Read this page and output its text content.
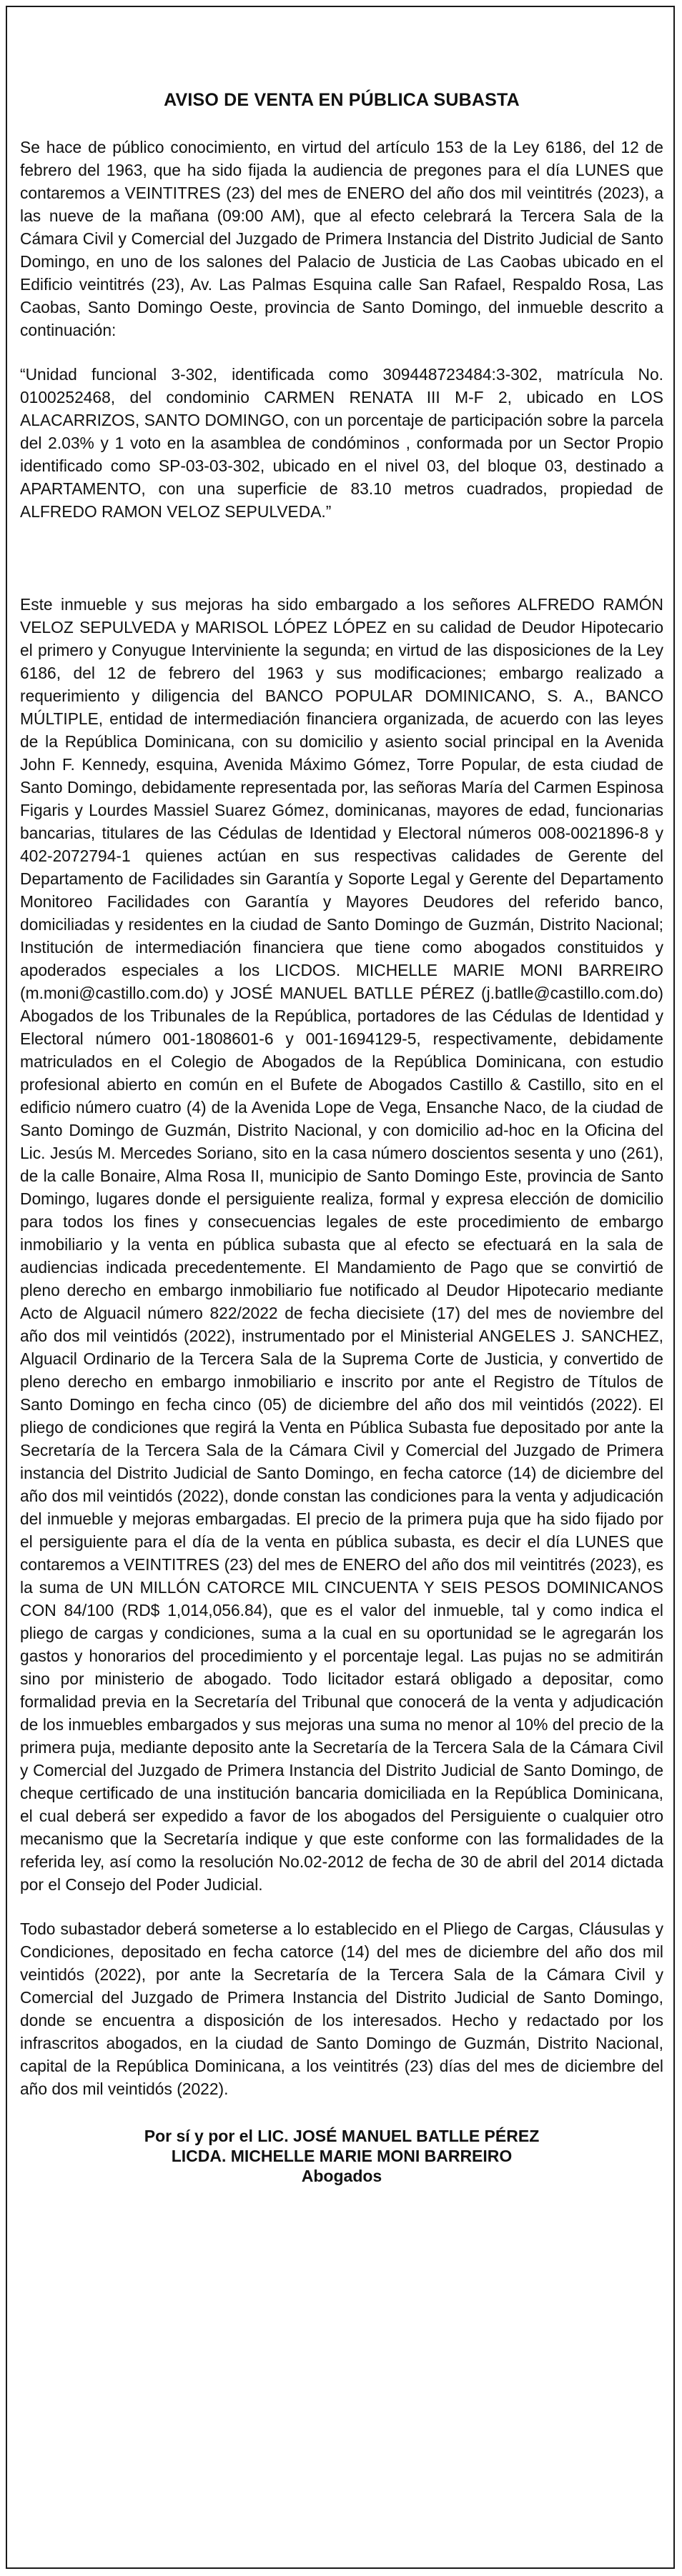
AVISO DE VENTA EN PÚBLICA SUBASTA
Se hace de público conocimiento, en virtud del artículo 153 de la Ley 6186, del 12 de febrero del 1963, que ha sido fijada la audiencia de pregones para el día LUNES que contaremos a VEINTITRES (23) del mes de ENERO del año dos mil veintitrés (2023), a las nueve de la mañana (09:00 AM), que al efecto celebrará la Tercera Sala de la Cámara Civil y Comercial del Juzgado de Primera Instancia del Distrito Judicial de Santo Domingo, en uno de los salones del Palacio de Justicia de Las Caobas ubicado en el Edificio veintitrés (23), Av. Las Palmas Esquina calle San Rafael, Respaldo Rosa, Las Caobas, Santo Domingo Oeste, provincia de Santo Domingo, del inmueble descrito a continuación:
“Unidad funcional 3-302, identificada como 309448723484:3-302, matrícula No. 0100252468, del condominio CARMEN RENATA III M-F 2, ubicado en LOS ALACARRIZOS, SANTO DOMINGO, con un porcentaje de participación sobre la parcela del 2.03% y 1 voto en la asamblea de condóminos , conformada por un Sector Propio identificado como SP-03-03-302, ubicado en el nivel 03, del bloque 03, destinado a APARTAMENTO, con una superficie de 83.10 metros cuadrados, propiedad de ALFREDO RAMON VELOZ SEPULVEDA.”
Este inmueble y sus mejoras ha sido embargado a los señores ALFREDO RAMÓN VELOZ SEPULVEDA y MARISOL LÓPEZ LÓPEZ en su calidad de Deudor Hipotecario el primero y Conyugue Interviniente la segunda; en virtud de las disposiciones de la Ley 6186, del 12 de febrero del 1963 y sus modificaciones; embargo realizado a requerimiento y diligencia del BANCO POPULAR DOMINICANO, S. A., BANCO MÚLTIPLE, entidad de intermediación financiera organizada, de acuerdo con las leyes de la República Dominicana, con su domicilio y asiento social principal en la Avenida John F. Kennedy, esquina, Avenida Máximo Gómez, Torre Popular, de esta ciudad de Santo Domingo, debidamente representada por, las señoras María del Carmen Espinosa Figaris y Lourdes Massiel Suarez Gómez, dominicanas, mayores de edad, funcionarias bancarias, titulares de las Cédulas de Identidad y Electoral números 008-0021896-8 y 402-2072794-1 quienes actúan en sus respectivas calidades de Gerente del Departamento de Facilidades sin Garantía y Soporte Legal y Gerente del Departamento Monitoreo Facilidades con Garantía y Mayores Deudores del referido banco, domiciliadas y residentes en la ciudad de Santo Domingo de Guzmán, Distrito Nacional; Institución de intermediación financiera que tiene como abogados constituidos y apoderados especiales a los LICDOS. MICHELLE MARIE MONI BARREIRO (m.moni@castillo.com.do) y JOSÉ MANUEL BATLLE PÉREZ (j.batlle@castillo.com.do) Abogados de los Tribunales de la República, portadores de las Cédulas de Identidad y Electoral número 001-1808601-6 y 001-1694129-5, respectivamente, debidamente matriculados en el Colegio de Abogados de la República Dominicana, con estudio profesional abierto en común en el Bufete de Abogados Castillo & Castillo, sito en el edificio número cuatro (4) de la Avenida Lope de Vega, Ensanche Naco, de la ciudad de Santo Domingo de Guzmán, Distrito Nacional, y con domicilio ad-hoc en la Oficina del Lic. Jesús M. Mercedes Soriano, sito en la casa número doscientos sesenta y uno (261), de la calle Bonaire, Alma Rosa II, municipio de Santo Domingo Este, provincia de Santo Domingo, lugares donde el persiguiente realiza, formal y expresa elección de domicilio para todos los fines y consecuencias legales de este procedimiento de embargo inmobiliario y la venta en pública subasta que al efecto se efectuará en la sala de audiencias indicada precedentemente. El Mandamiento de Pago que se convirtió de pleno derecho en embargo inmobiliario fue notificado al Deudor Hipotecario mediante Acto de Alguacil número 822/2022 de fecha diecisiete (17) del mes de noviembre del año dos mil veintidós (2022), instrumentado por el Ministerial ANGELES J. SANCHEZ, Alguacil Ordinario de la Tercera Sala de la Suprema Corte de Justicia, y convertido de pleno derecho en embargo inmobiliario e inscrito por ante el Registro de Títulos de Santo Domingo en fecha cinco (05) de diciembre del año dos mil veintidós (2022). El pliego de condiciones que regirá la Venta en Pública Subasta fue depositado por ante la Secretaría de la Tercera Sala de la Cámara Civil y Comercial del Juzgado de Primera instancia del Distrito Judicial de Santo Domingo, en fecha catorce (14) de diciembre del año dos mil veintidós (2022), donde constan las condiciones para la venta y adjudicación del inmueble y mejoras embargadas. El precio de la primera puja que ha sido fijado por el persiguiente para el día de la venta en pública subasta, es decir el día LUNES que contaremos a VEINTITRES (23) del mes de ENERO del año dos mil veintitrés (2023), es la suma de UN MILLÓN CATORCE MIL CINCUENTA Y SEIS PESOS DOMINICANOS CON 84/100 (RD$ 1,014,056.84), que es el valor del inmueble, tal y como indica el pliego de cargas y condiciones, suma a la cual en su oportunidad se le agregarán los gastos y honorarios del procedimiento y el porcentaje legal. Las pujas no se admitirán sino por ministerio de abogado. Todo licitador estará obligado a depositar, como formalidad previa en la Secretaría del Tribunal que conocerá de la venta y adjudicación de los inmuebles embargados y sus mejoras una suma no menor al 10% del precio de la primera puja, mediante deposito ante la Secretaría de la Tercera Sala de la Cámara Civil y Comercial del Juzgado de Primera Instancia del Distrito Judicial de Santo Domingo, de cheque certificado de una institución bancaria domiciliada en la República Dominicana, el cual deberá ser expedido a favor de los abogados del Persiguiente o cualquier otro mecanismo que la Secretaría indique y que este conforme con las formalidades de la referida ley, así como la resolución No.02-2012 de fecha de 30 de abril del 2014 dictada por el Consejo del Poder Judicial.
Todo subastador deberá someterse a lo establecido en el Pliego de Cargas, Cláusulas y Condiciones, depositado en fecha catorce (14) del mes de diciembre del año dos mil veintidós (2022), por ante la Secretaría de la Tercera Sala de la Cámara Civil y Comercial del Juzgado de Primera Instancia del Distrito Judicial de Santo Domingo, donde se encuentra a disposición de los interesados. Hecho y redactado por los infrascritos abogados, en la ciudad de Santo Domingo de Guzmán, Distrito Nacional, capital de la República Dominicana, a los veintitrés (23) días del mes de diciembre del año dos mil veintidós (2022).
Por sí y por el LIC. JOSÉ MANUEL BATLLE PÉREZ
LICDA. MICHELLE MARIE MONI BARREIRO
Abogados
